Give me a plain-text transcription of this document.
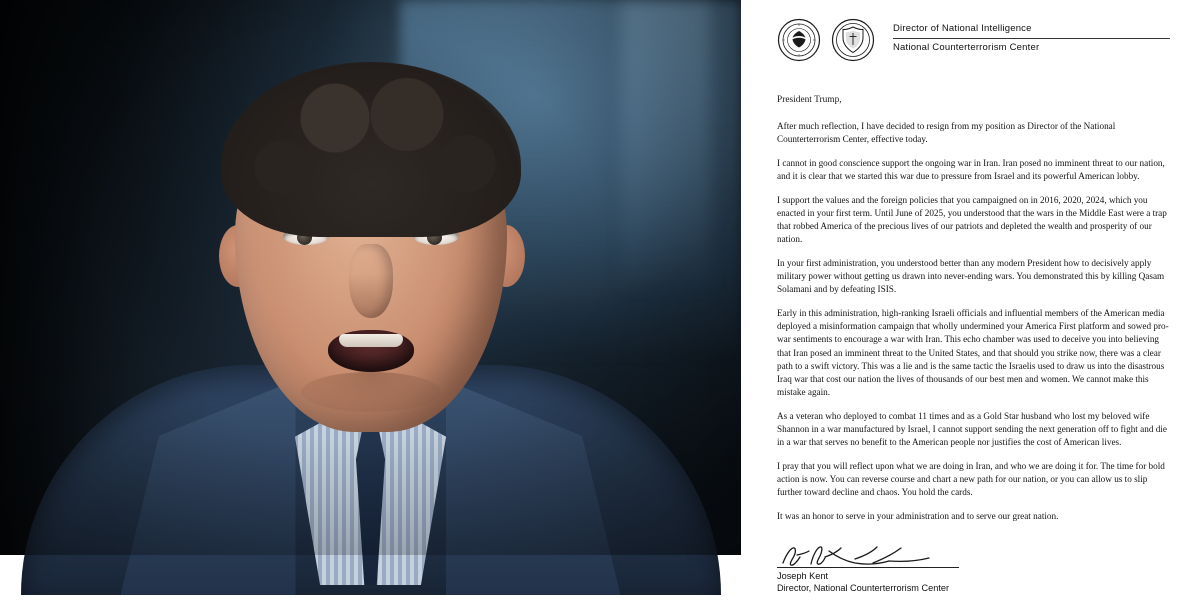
Director of National Intelligence
National Counterterrorism Center
President Trump,

After much reflection, I have decided to resign from my position as Director of the National Counterterrorism Center, effective today.

I cannot in good conscience support the ongoing war in Iran. Iran posed no imminent threat to our nation, and it is clear that we started this war due to pressure from Israel and its powerful American lobby.

I support the values and the foreign policies that you campaigned on in 2016, 2020, 2024, which you enacted in your first term. Until June of 2025, you understood that the wars in the Middle East were a trap that robbed America of the precious lives of our patriots and depleted the wealth and prosperity of our nation.

In your first administration, you understood better than any modern President how to decisively apply military power without getting us drawn into never-ending wars. You demonstrated this by killing Qasam Solamani and by defeating ISIS.

Early in this administration, high-ranking Israeli officials and influential members of the American media deployed a misinformation campaign that wholly undermined your America First platform and sowed pro-war sentiments to encourage a war with Iran. This echo chamber was used to deceive you into believing that Iran posed an imminent threat to the United States, and that should you strike now, there was a clear path to a swift victory. This was a lie and is the same tactic the Israelis used to draw us into the disastrous Iraq war that cost our nation the lives of thousands of our best men and women. We cannot make this mistake again.

As a veteran who deployed to combat 11 times and as a Gold Star husband who lost my beloved wife Shannon in a war manufactured by Israel, I cannot support sending the next generation off to fight and die in a war that serves no benefit to the American people nor justifies the cost of American lives.

I pray that you will reflect upon what we are doing in Iran, and who we are doing it for. The time for bold action is now. You can reverse course and chart a new path for our nation, or you can allow us to slip further toward decline and chaos. You hold the cards.

It was an honor to serve in your administration and to serve our great nation.

Joseph Kent
Director, National Counterterrorism Center
